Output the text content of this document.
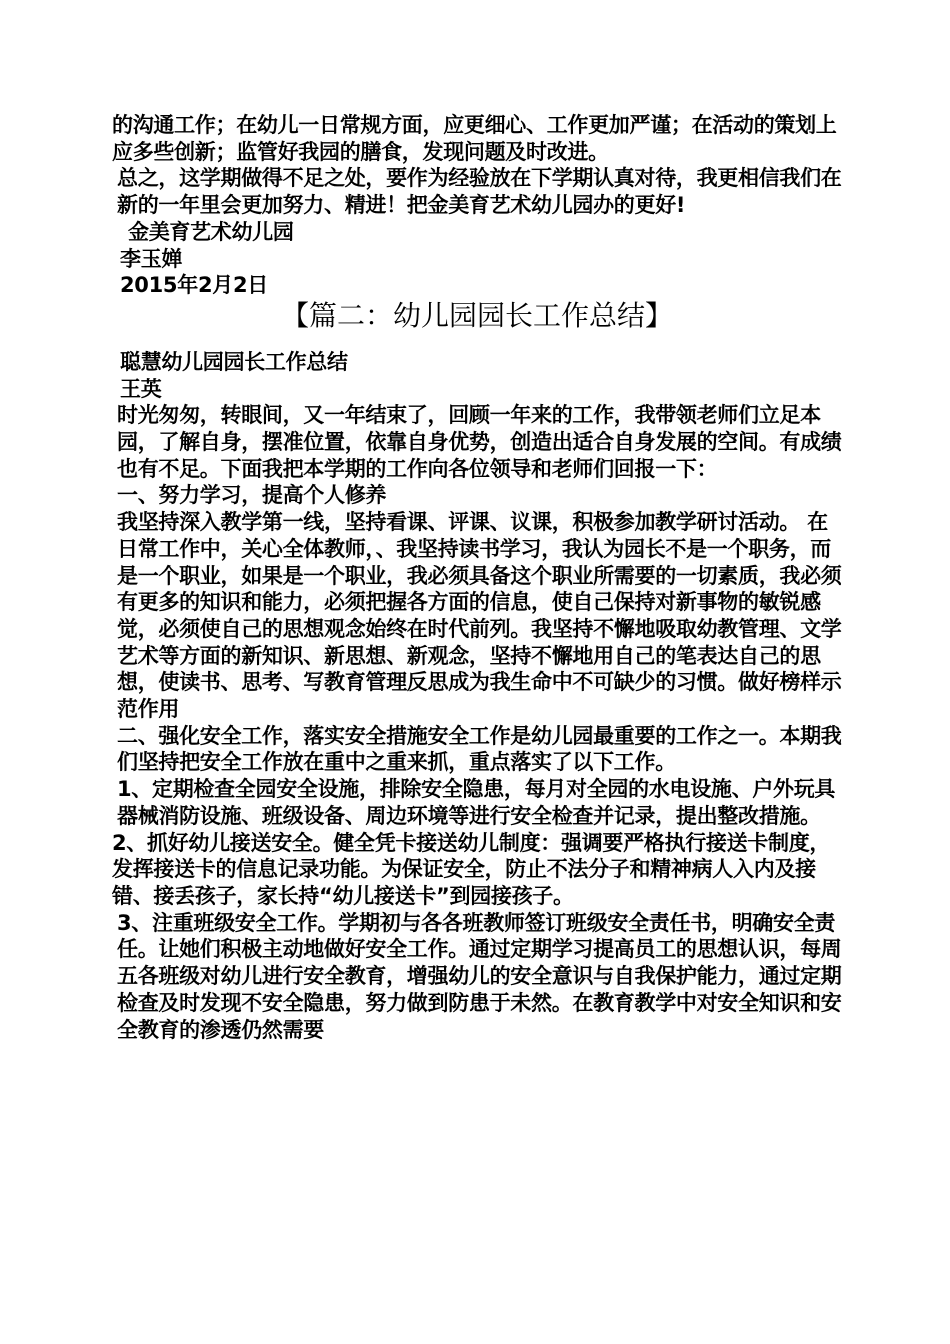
的沟通工作；在幼儿一日常规方面，应更细心、工作更加严谨；在活动的策划上应多些创新；监管好我园的膳食，发现问题及时改进。

总之，这学期做得不足之处，要作为经验放在下学期认真对待，我更相信我们在新的一年里会更加努力、精进！把金美育艺术幼儿园办的更好!

金美育艺术幼儿园

李玉婵

2015年2月2日

【篇二：幼儿园园长工作总结】

聪慧幼儿园园长工作总结

王英

时光匆匆，转眼间，又一年结束了，回顾一年来的工作，我带领老师们立足本园，了解自身，摆准位置，依靠自身优势，创造出适合自身发展的空间。有成绩也有不足。下面我把本学期的工作向各位领导和老师们回报一下：

一、努力学习，提高个人修养

我坚持深入教学第一线，坚持看课、评课、议课，积极参加教学研讨活动。 在日常工作中，关心全体教师，、我坚持读书学习，我认为园长不是一个职务，而是一个职业，如果是一个职业，我必须具备这个职业所需要的一切素质，我必须有更多的知识和能力，必须把握各方面的信息，使自己保持对新事物的敏锐感觉，必须使自己的思想观念始终在时代前列。我坚持不懈地吸取幼教管理、文学艺术等方面的新知识、新思想、新观念，坚持不懈地用自己的笔表达自己的思想，使读书、思考、写教育管理反思成为我生命中不可缺少的习惯。做好榜样示范作用

二、强化安全工作，落实安全措施安全工作是幼儿园最重要的工作之一。本期我们坚持把安全工作放在重中之重来抓，重点落实了以下工作。

1、定期检查全园安全设施，排除安全隐患，每月对全园的水电设施、户外玩具器械消防设施、班级设备、周边环境等进行安全检查并记录，提出整改措施。

2、抓好幼儿接送安全。健全凭卡接送幼儿制度：强调要严格执行接送卡制度，发挥接送卡的信息记录功能。为保证安全，防止不法分子和精神病人入内及接错、接丢孩子，家长持“幼儿接送卡”到园接孩子。

3、注重班级安全工作。学期初与各各班教师签订班级安全责任书，明确安全责任。让她们积极主动地做好安全工作。通过定期学习提高员工的思想认识，每周五各班级对幼儿进行安全教育，增强幼儿的安全意识与自我保护能力，通过定期检查及时发现不安全隐患，努力做到防患于未然。在教育教学中对安全知识和安全教育的渗透仍然需要
